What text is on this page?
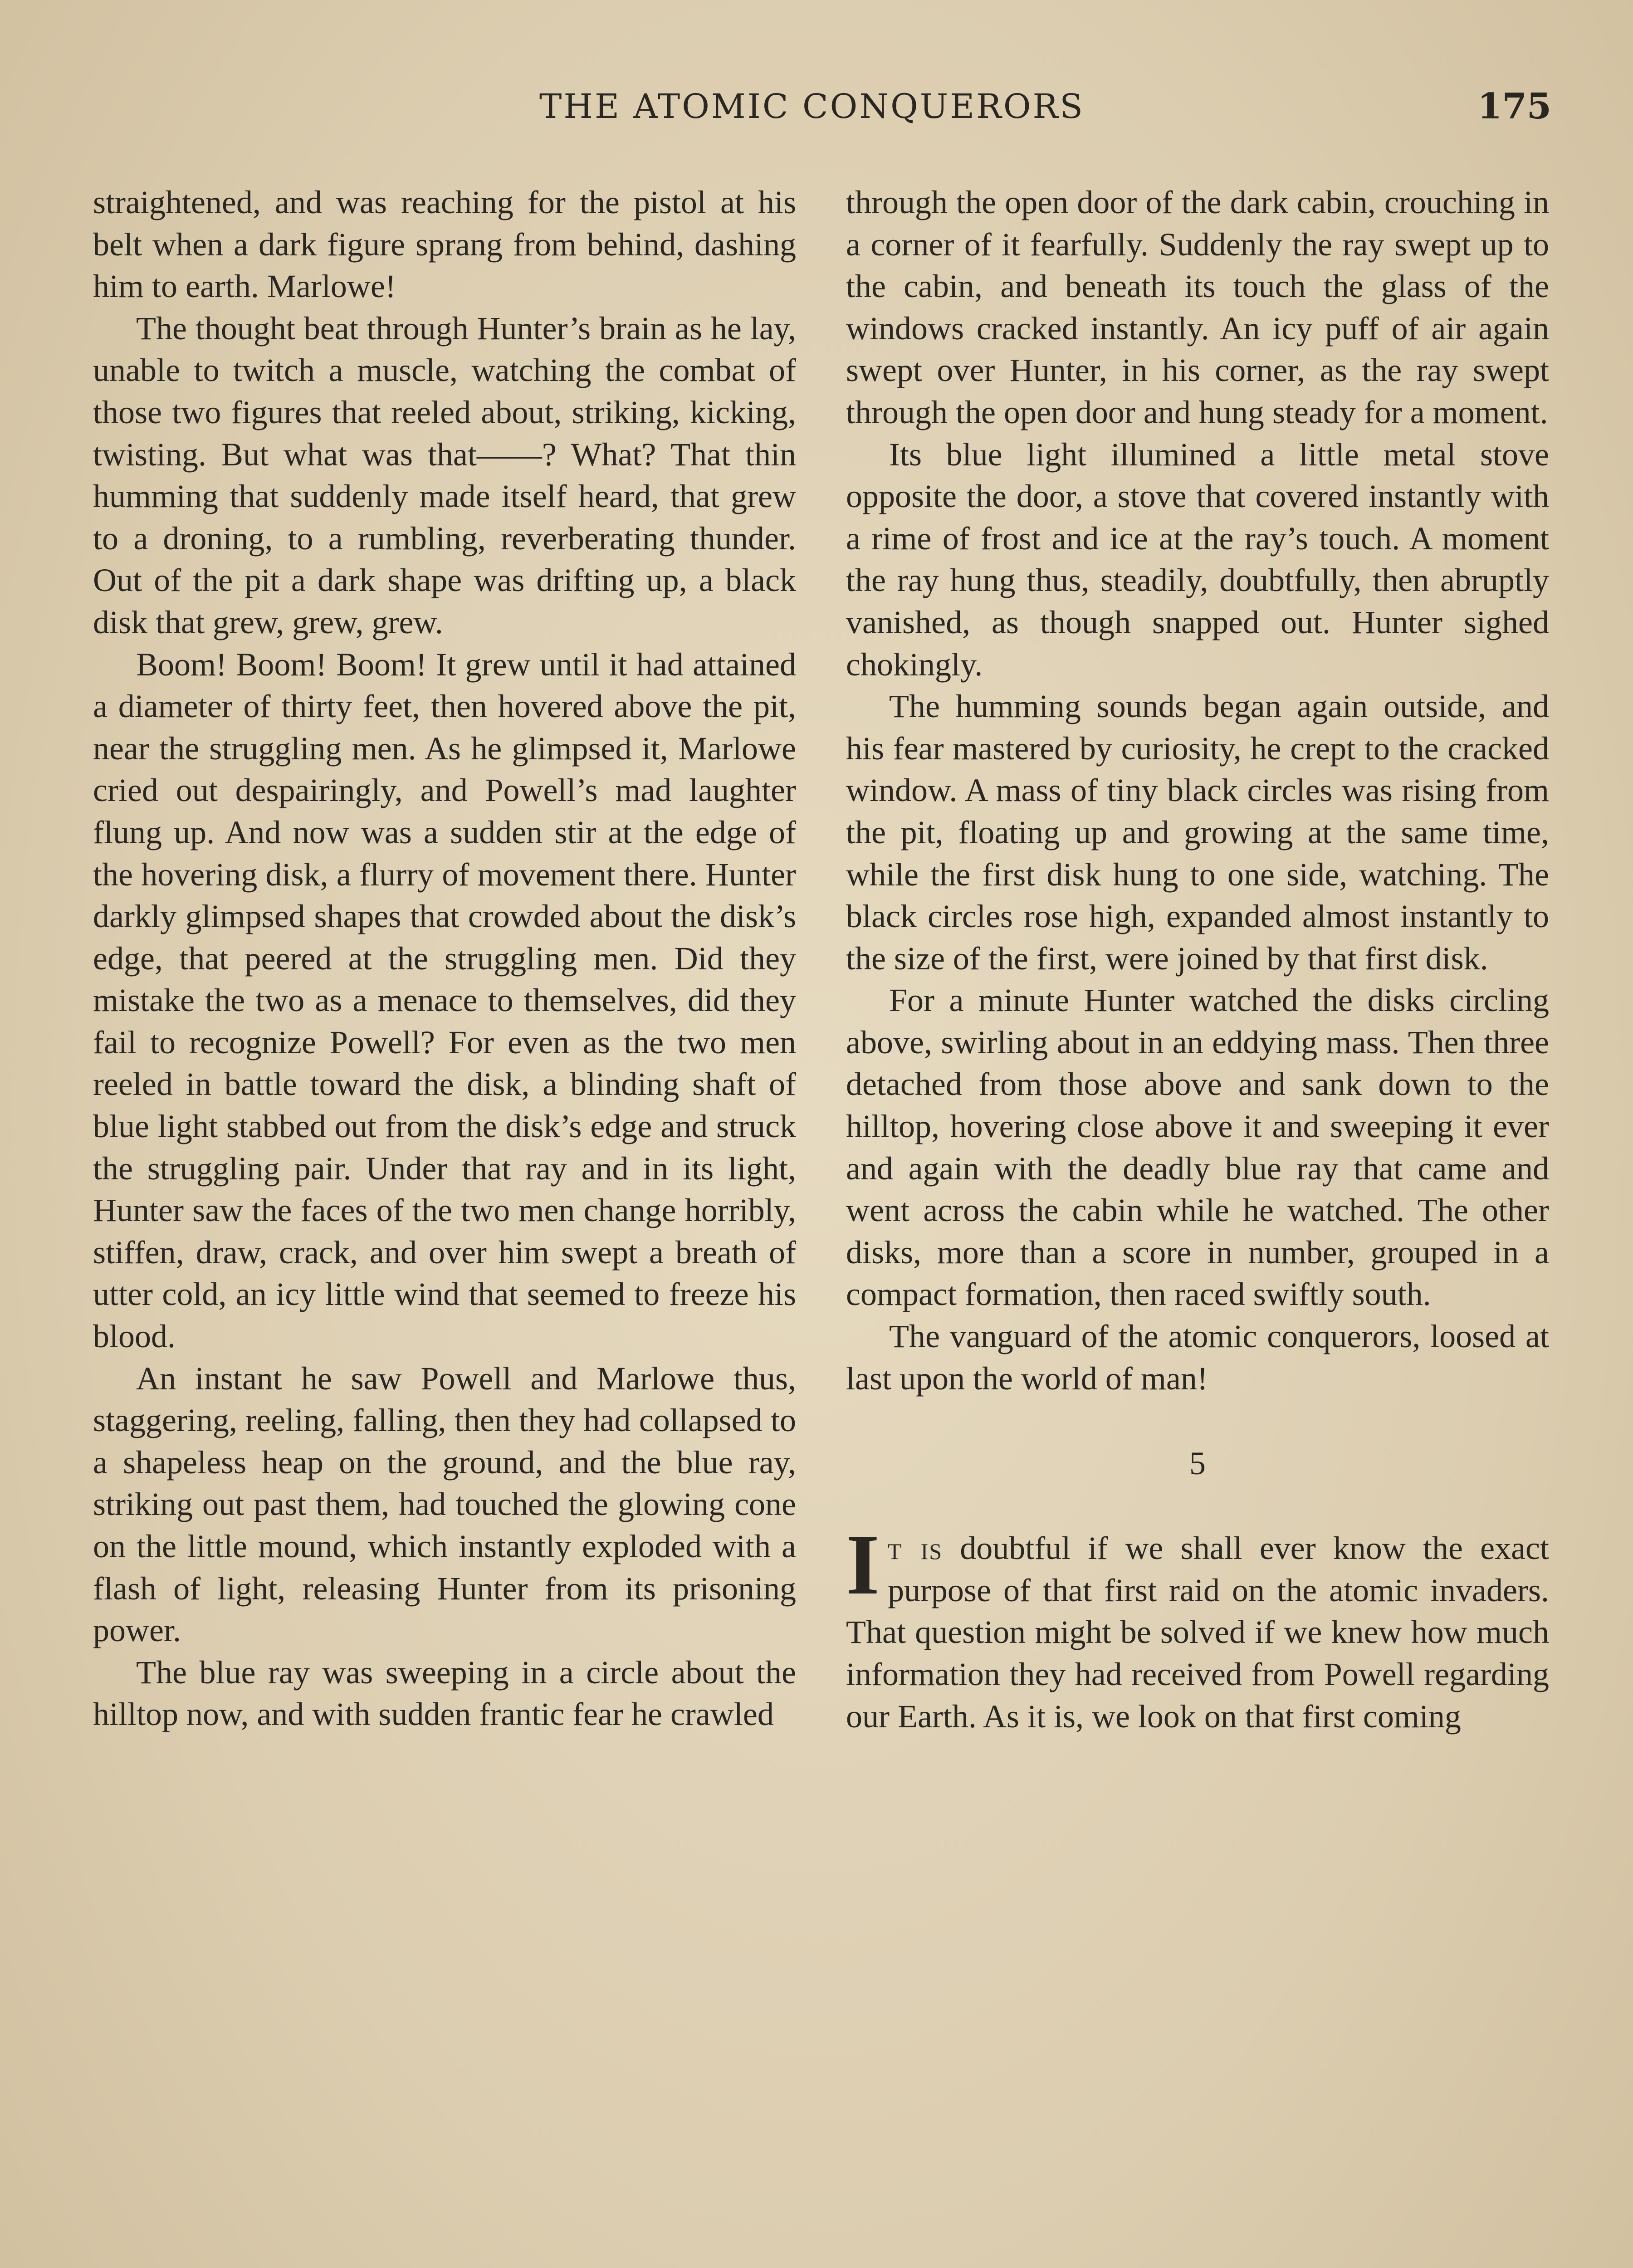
THE ATOMIC CONQUERORS	175

straightened, and was reaching for the pistol at his belt when a dark figure sprang from behind, dashing him to earth. Marlowe!

The thought beat through Hunter’s brain as he lay, unable to twitch a muscle, watching the combat of those two figures that reeled about, striking, kicking, twisting. But what was that——? What? That thin humming that suddenly made itself heard, that grew to a droning, to a rumbling, reverberating thunder. Out of the pit a dark shape was drifting up, a black disk that grew, grew, grew.

Boom! Boom! Boom! It grew until it had attained a diameter of thirty feet, then hovered above the pit, near the struggling men. As he glimpsed it, Marlowe cried out despairingly, and Powell’s mad laughter flung up. And now was a sudden stir at the edge of the hovering disk, a flurry of movement there. Hunter darkly glimpsed shapes that crowded about the disk’s edge, that peered at the struggling men. Did they mistake the two as a menace to themselves, did they fail to recognize Powell? For even as the two men reeled in battle toward the disk, a blinding shaft of blue light stabbed out from the disk’s edge and struck the struggling pair. Under that ray and in its light, Hunter saw the faces of the two men change horribly, stiffen, draw, crack, and over him swept a breath of utter cold, an icy little wind that seemed to freeze his blood.

An instant he saw Powell and Marlowe thus, staggering, reeling, falling, then they had collapsed to a shapeless heap on the ground, and the blue ray, striking out past them, had touched the glowing cone on the little mound, which instantly exploded with a flash of light, releasing Hunter from its prisoning power.

The blue ray was sweeping in a circle about the hilltop now, and with sudden frantic fear he crawled

through the open door of the dark cabin, crouching in a corner of it fearfully. Suddenly the ray swept up to the cabin, and beneath its touch the glass of the windows cracked instantly. An icy puff of air again swept over Hunter, in his corner, as the ray swept through the open door and hung steady for a moment.

Its blue light illumined a little metal stove opposite the door, a stove that covered instantly with a rime of frost and ice at the ray’s touch. A moment the ray hung thus, steadily, doubtfully, then abruptly vanished, as though snapped out. Hunter sighed chokingly.

The humming sounds began again outside, and his fear mastered by curiosity, he crept to the cracked window. A mass of tiny black circles was rising from the pit, floating up and growing at the same time, while the first disk hung to one side, watching. The black circles rose high, expanded almost instantly to the size of the first, were joined by that first disk.

For a minute Hunter watched the disks circling above, swirling about in an eddying mass. Then three detached from those above and sank down to the hilltop, hovering close above it and sweeping it ever and again with the deadly blue ray that came and went across the cabin while he watched. The other disks, more than a score in number, grouped in a compact formation, then raced swiftly south.

The vanguard of the atomic conquerors, loosed at last upon the world of man!

5

It is doubtful if we shall ever know the exact purpose of that first raid on the atomic invaders. That question might be solved if we knew how much information they had received from Powell regarding our Earth. As it is, we look on that first coming
